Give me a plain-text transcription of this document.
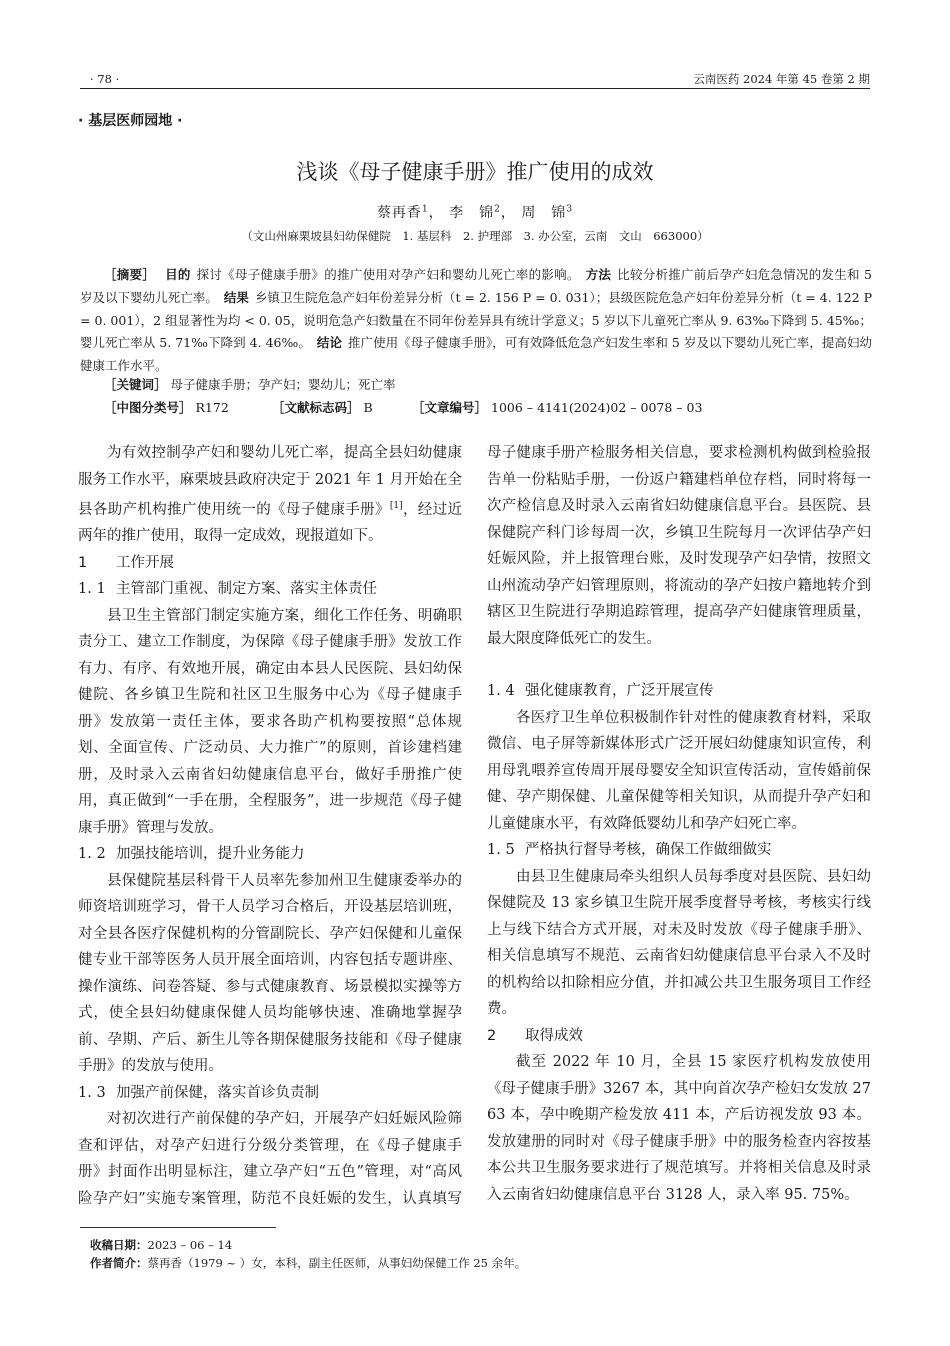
· 78 ·	云南医药 2024 年第 45 卷第 2 期
· 基层医师园地 ·
浅谈《母子健康手册》推广使用的成效
蔡再香$^1$， 李　锦$^2$， 周　锦$^3$
（文山州麻栗坡县妇幼保健院　1. 基层科　2. 护理部　3. 办公室，云南　文山　663000）
［摘要］ 目的 探讨《母子健康手册》的推广使用对孕产妇和婴幼儿死亡率的影响。 方法 比较分析推广前后孕产妇危急情况的发生和 5 岁及以下婴幼儿死亡率。 结果 乡镇卫生院危急产妇年份差异分析（t = 2. 156 P = 0. 031）；县级医院危急产妇年份差异分析（t = 4. 122 P = 0. 001），2 组显著性为均 < 0. 05，说明危急产妇数量在不同年份差异具有统计学意义；5 岁以下儿童死亡率从 9. 63‰下降到 5. 45‰；婴儿死亡率从 5. 71‰下降到 4. 46‰。 结论 推广使用《母子健康手册》，可有效降低危急产妇发生率和 5 岁及以下婴幼儿死亡率，提高妇幼健康工作水平。
［关键词］ 母子健康手册；孕产妇；婴幼儿；死亡率
［中图分类号］ R172	［文献标志码］ B	［文章编号］ 1006 – 4141(2024)02 – 0078 – 03

为有效控制孕产妇和婴幼儿死亡率，提高全县妇幼健康服务工作水平，麻栗坡县政府决定于 2021 年 1 月开始在全县各助产机构推广使用统一的《母子健康手册》[1]，经过近两年的推广使用，取得一定成效，现报道如下。

1 工作开展
1. 1 主管部门重视、制定方案、落实主体责任

县卫生主管部门制定实施方案，细化工作任务、明确职责分工、建立工作制度，为保障《母子健康手册》发放工作有力、有序、有效地开展，确定由本县人民医院、县妇幼保健院、各乡镇卫生院和社区卫生服务中心为《母子健康手册》发放第一责任主体，要求各助产机构要按照“总体规划、全面宣传、广泛动员、大力推广”的原则，首诊建档建册，及时录入云南省妇幼健康信息平台，做好手册推广使用，真正做到“一手在册，全程服务”，进一步规范《母子健康手册》管理与发放。

1. 2 加强技能培训，提升业务能力

县保健院基层科骨干人员率先参加州卫生健康委举办的师资培训班学习，骨干人员学习合格后，开设基层培训班，对全县各医疗保健机构的分管副院长、孕产妇保健和儿童保健专业干部等医务人员开展全面培训，内容包括专题讲座、操作演练、问卷答疑、参与式健康教育、场景模拟实操等方式，使全县妇幼健康保健人员均能够快速、准确地掌握孕前、孕期、产后、新生儿等各期保健服务技能和《母子健康手册》的发放与使用。

1. 3 加强产前保健，落实首诊负责制

对初次进行产前保健的孕产妇，开展孕产妇妊娠风险筛查和评估，对孕产妇进行分级分类管理，在《母子健康手册》封面作出明显标注，建立孕产妇“五色”管理，对“高风险孕产妇”实施专案管理，防范不良妊娠的发生，认真填写

母子健康手册产检服务相关信息，要求检测机构做到检验报告单一份粘贴手册，一份返户籍建档单位存档，同时将每一次产检信息及时录入云南省妇幼健康信息平台。县医院、县保健院产科门诊每周一次，乡镇卫生院每月一次评估孕产妇妊娠风险，并上报管理台账，及时发现孕产妇孕情，按照文山州流动孕产妇管理原则，将流动的孕产妇按户籍地转介到辖区卫生院进行孕期追踪管理，提高孕产妇健康管理质量，最大限度降低死亡的发生。

1. 4 强化健康教育，广泛开展宣传

各医疗卫生单位积极制作针对性的健康教育材料，采取微信、电子屏等新媒体形式广泛开展妇幼健康知识宣传，利用母乳喂养宣传周开展母婴安全知识宣传活动，宣传婚前保健、孕产期保健、儿童保健等相关知识，从而提升孕产妇和儿童健康水平，有效降低婴幼儿和孕产妇死亡率。

1. 5 严格执行督导考核，确保工作做细做实

由县卫生健康局牵头组织人员每季度对县医院、县妇幼保健院及 13 家乡镇卫生院开展季度督导考核，考核实行线上与线下结合方式开展，对未及时发放《母子健康手册》、相关信息填写不规范、云南省妇幼健康信息平台录入不及时的机构给以扣除相应分值，并扣减公共卫生服务项目工作经费。

2 取得成效

截至 2022 年 10 月，全县 15 家医疗机构发放使用《母子健康手册》3267 本，其中向首次孕产检妇女发放 2763 本，孕中晚期产检发放 411 本，产后访视发放 93 本。发放建册的同时对《母子健康手册》中的服务检查内容按基本公共卫生服务要求进行了规范填写。并将相关信息及时录入云南省妇幼健康信息平台 3128 人，录入率 95. 75%。

收稿日期：2023 – 06 – 14
作者简介：蔡再香（1979 ~ ）女，本科，副主任医师，从事妇幼保健工作 25 余年。
